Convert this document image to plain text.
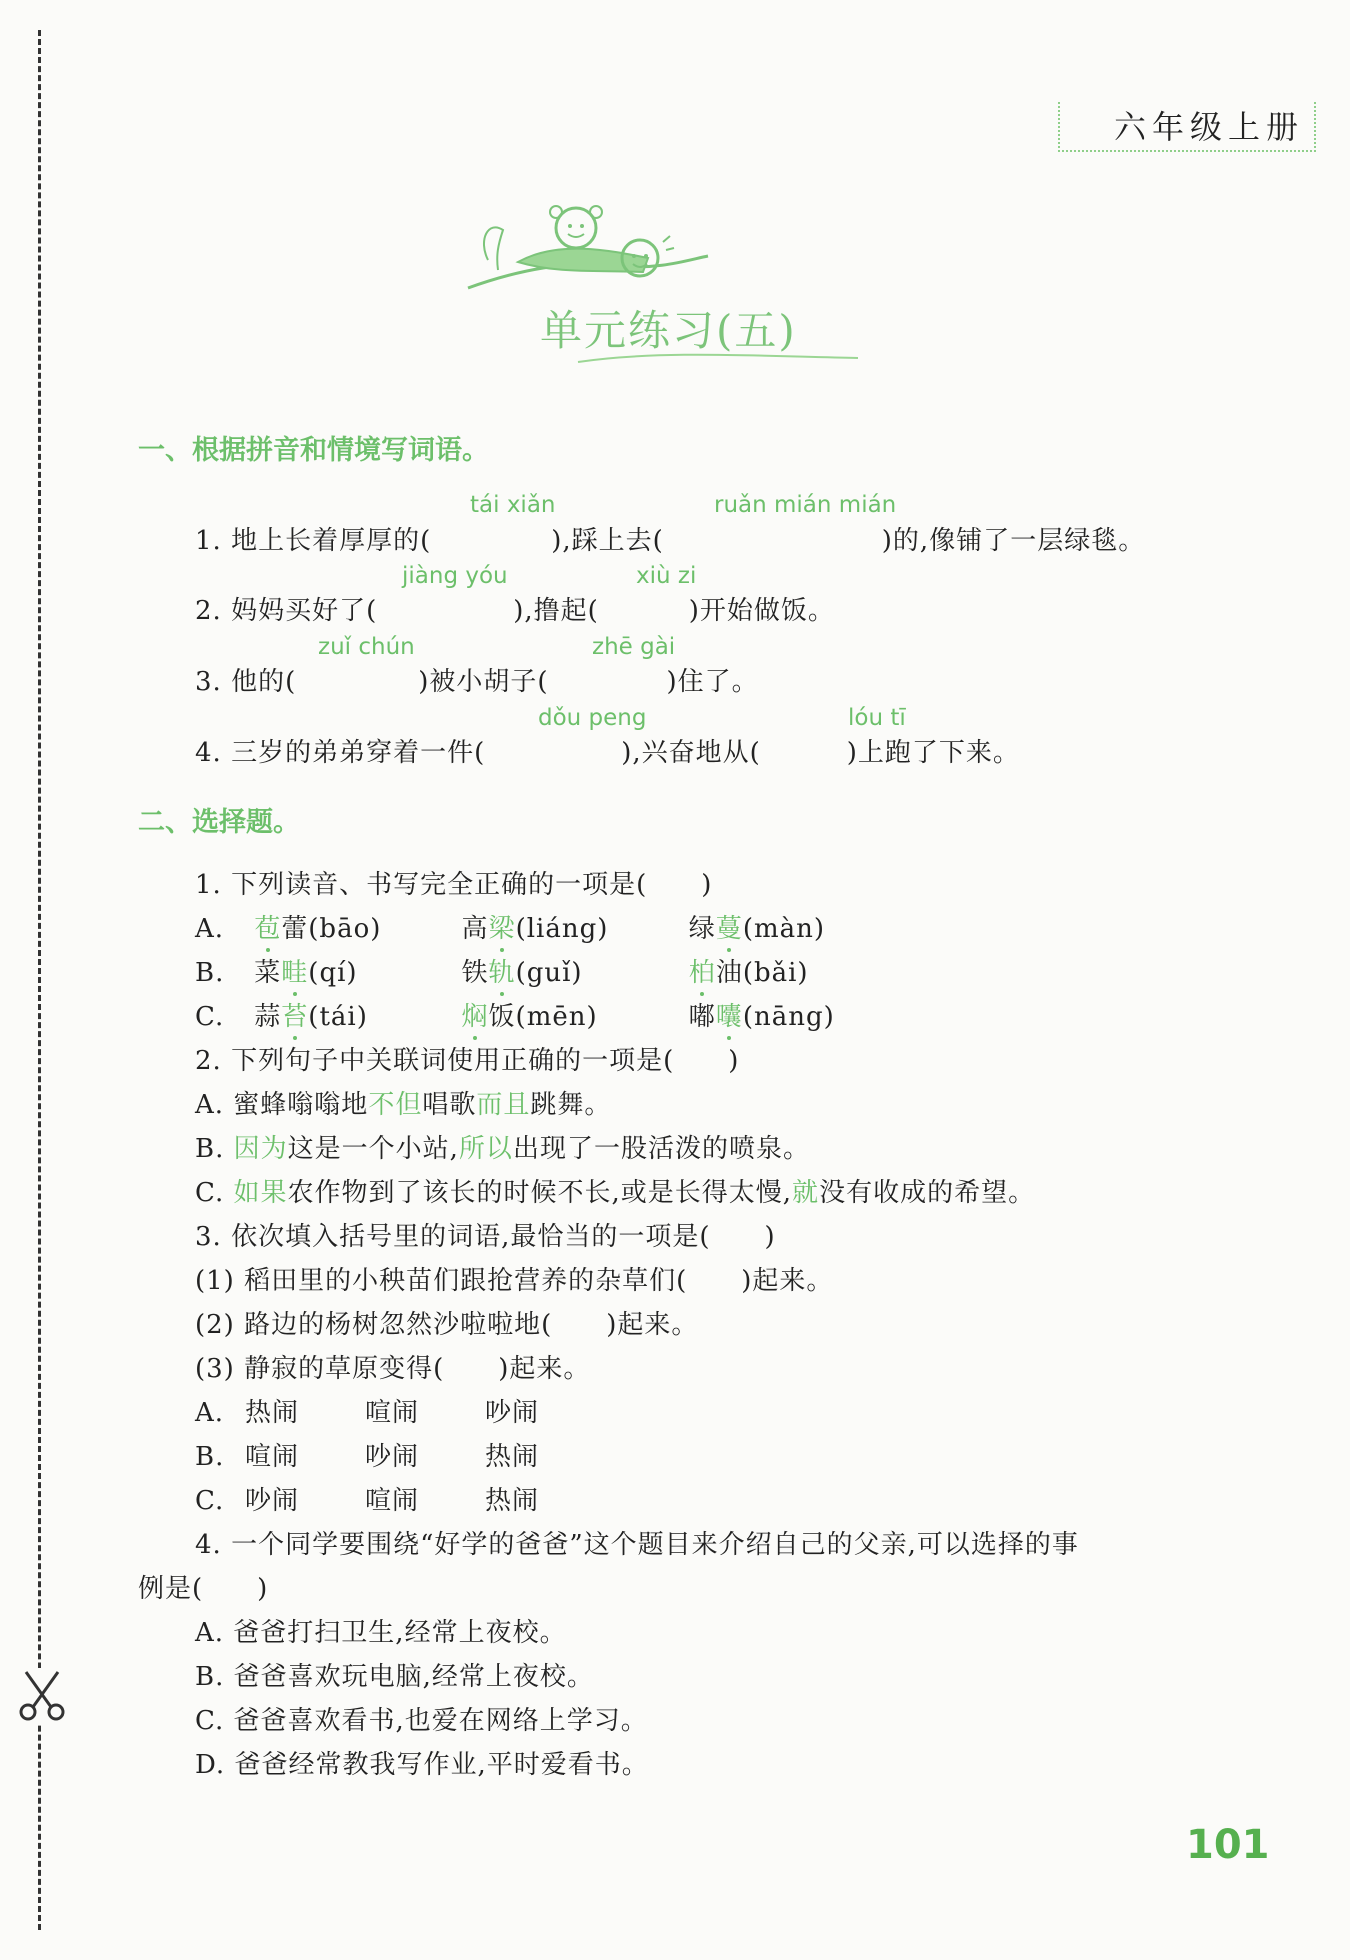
六年级上册
单元练习(五)
一、根据拼音和情境写词语。
tái xiǎn	ruǎn mián mián
1. 地上长着厚厚的(	),踩上去(	)的,像铺了一层绿毯。
jiàng yóu	xiù zi
2. 妈妈买好了(	),撸起(	)开始做饭。
zuǐ chún	zhē gài
3. 他的(	)被小胡子(	)住了。
dǒu peng	lóu tī
4. 三岁的弟弟穿着一件(	),兴奋地从(	)上跑了下来。
二、选择题。
1. 下列读音、书写完全正确的一项是(　　)
A. 苞蕾(bāo)	高梁(liáng)	绿蔓(màn)
B. 菜畦(qí)	铁轨(guǐ)	柏油(bǎi)
C. 蒜苔(tái)	焖饭(mēn)	嘟囔(nāng)
2. 下列句子中关联词使用正确的一项是(　　)
A. 蜜蜂嗡嗡地不但唱歌而且跳舞。
B. 因为这是一个小站,所以出现了一股活泼的喷泉。
C. 如果农作物到了该长的时候不长,或是长得太慢,就没有收成的希望。
3. 依次填入括号里的词语,最恰当的一项是(　　)
(1) 稻田里的小秧苗们跟抢营养的杂草们(　　)起来。
(2) 路边的杨树忽然沙啦啦地(　　)起来。
(3) 静寂的草原变得(　　)起来。
A. 热闹	喧闹	吵闹
B. 喧闹	吵闹	热闹
C. 吵闹	喧闹	热闹
4. 一个同学要围绕“好学的爸爸”这个题目来介绍自己的父亲,可以选择的事
例是(　　)
A. 爸爸打扫卫生,经常上夜校。
B. 爸爸喜欢玩电脑,经常上夜校。
C. 爸爸喜欢看书,也爱在网络上学习。
D. 爸爸经常教我写作业,平时爱看书。
101
